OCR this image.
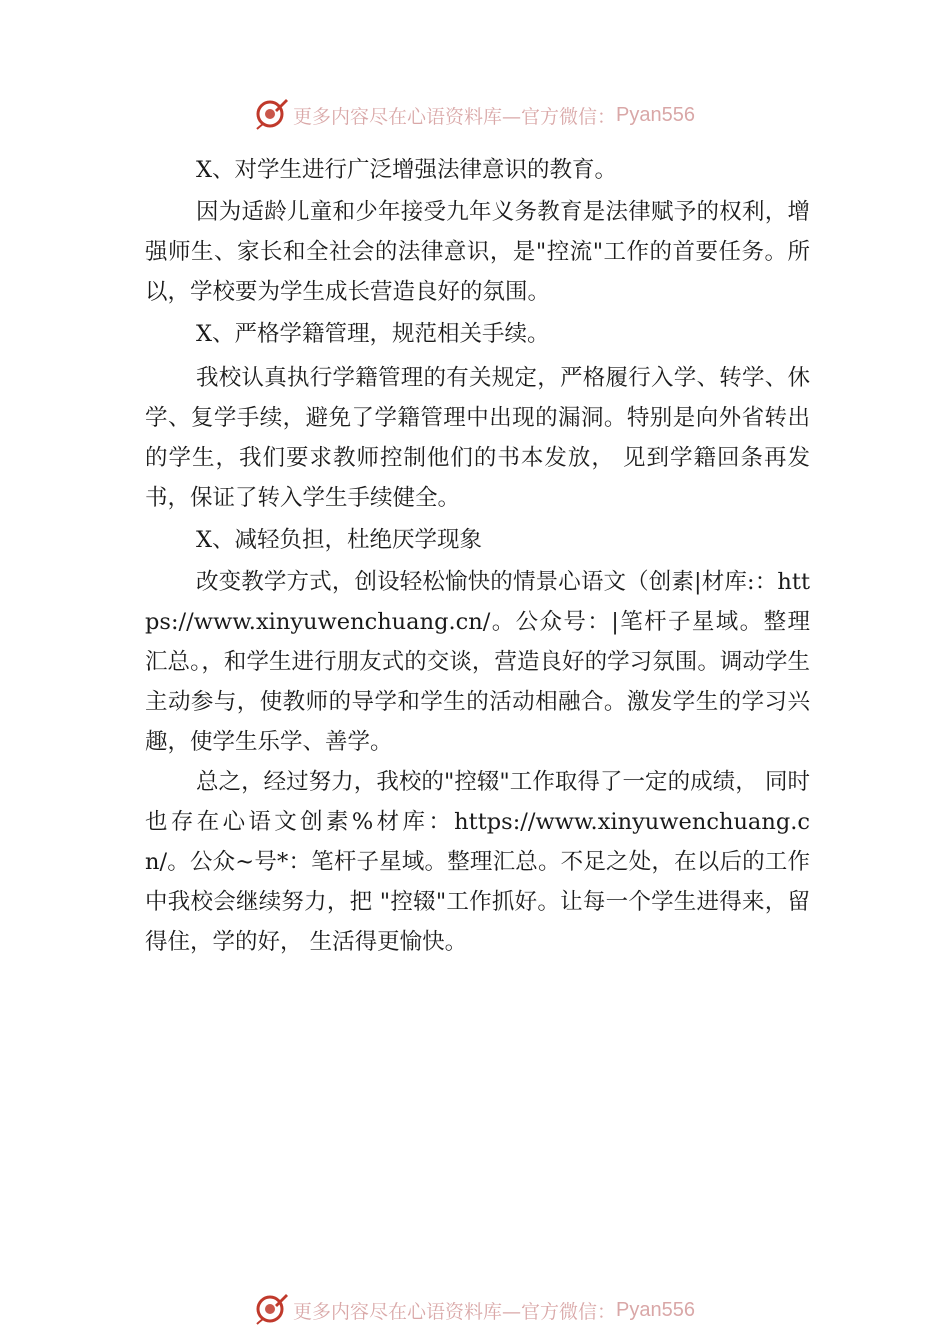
更多内容尽在心语资料库— 官方微信： Pyan556

X、对学生进行广泛增强法律意识的教育。

因为适龄儿童和少年接受九年义务教育是法律赋予的权利，增强师生、家长和全社会的法律意识，是"控流"工作的首要任务。所以，学校要为学生成长营造良好的氛围。

X、严格学籍管理，规范相关手续。

我校认真执行学籍管理的有关规定，严格履行入学、转学、休学、复学手续，避免了学籍管理中出现的漏洞。特别是向外省转出的学生，我们要求教师控制他们的书本发放， 见到学籍回条再发书，保证了转入学生手续健全。

X、减轻负担，杜绝厌学现象

改变教学方式，创设轻松愉快的情景心语文（创素|材库:：https://www.xinyuwenchuang.cn/。公众号：|笔杆子星域。整理汇总。，和学生进行朋友式的交谈，营造良好的学习氛围。调动学生主动参与，使教师的导学和学生的活动相融合。激发学生的学习兴趣，使学生乐学、善学。

总之，经过努力，我校的"控辍"工作取得了一定的成绩， 同时也存在心语文创素%材库：https://www.xinyuwenchuang.cn/。公众~号*：笔杆子星域。整理汇总。不足之处，在以后的工作中我校会继续努力，把 "控辍"工作抓好。让每一个学生进得来，留得住，学的好， 生活得更愉快。

更多内容尽在心语资料库— 官方微信： Pyan556
